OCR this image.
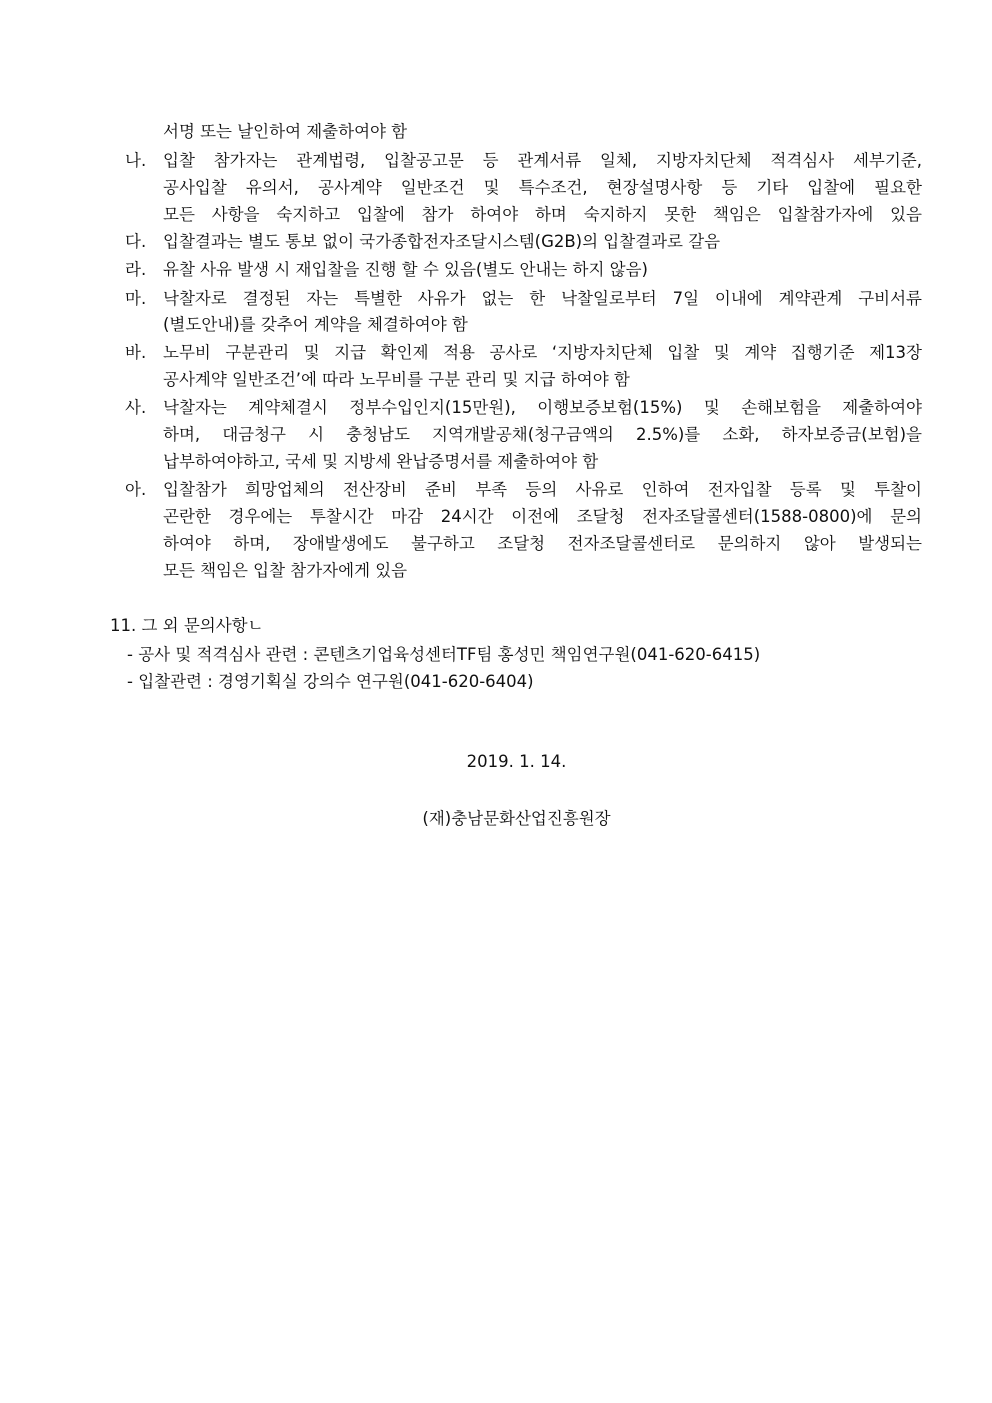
서명 또는 날인하여 제출하여야 함
나. 입찰 참가자는 관계법령, 입찰공고문 등 관계서류 일체, 지방자치단체 적격심사 세부기준,
공사입찰 유의서, 공사계약 일반조건 및 특수조건, 현장설명사항 등 기타 입찰에 필요한
모든 사항을 숙지하고 입찰에 참가 하여야 하며 숙지하지 못한 책임은 입찰참가자에 있음
다. 입찰결과는 별도 통보 없이 국가종합전자조달시스템(G2B)의 입찰결과로 갈음
라. 유찰 사유 발생 시 재입찰을 진행 할 수 있음(별도 안내는 하지 않음)
마. 낙찰자로 결정된 자는 특별한 사유가 없는 한 낙찰일로부터 7일 이내에 계약관계 구비서류
(별도안내)를 갖추어 계약을 체결하여야 함
바. 노무비 구분관리 및 지급 확인제 적용 공사로 ‘지방자치단체 입찰 및 계약 집행기준 제13장
공사계약 일반조건’에 따라 노무비를 구분 관리 및 지급 하여야 함
사. 낙찰자는 계약체결시 정부수입인지(15만원), 이행보증보험(15%) 및 손해보험을 제출하여야
하며, 대금청구 시 충청남도 지역개발공채(청구금액의 2.5%)를 소화, 하자보증금(보험)을
납부하여야하고, 국세 및 지방세 완납증명서를 제출하여야 함
아. 입찰참가 희망업체의 전산장비 준비 부족 등의 사유로 인하여 전자입찰 등록 및 투찰이
곤란한 경우에는 투찰시간 마감 24시간 이전에 조달청 전자조달콜센터(1588-0800)에 문의
하여야 하며, 장애발생에도 불구하고 조달청 전자조달콜센터로 문의하지 않아 발생되는
모든 책임은 입찰 참가자에게 있음
11. 그 외 문의사항ㄴ
- 공사 및 적격심사 관련 : 콘텐츠기업육성센터TF팀 홍성민 책임연구원(041-620-6415)
- 입찰관련 : 경영기획실 강의수 연구원(041-620-6404)
2019. 1. 14.
(재)충남문화산업진흥원장
